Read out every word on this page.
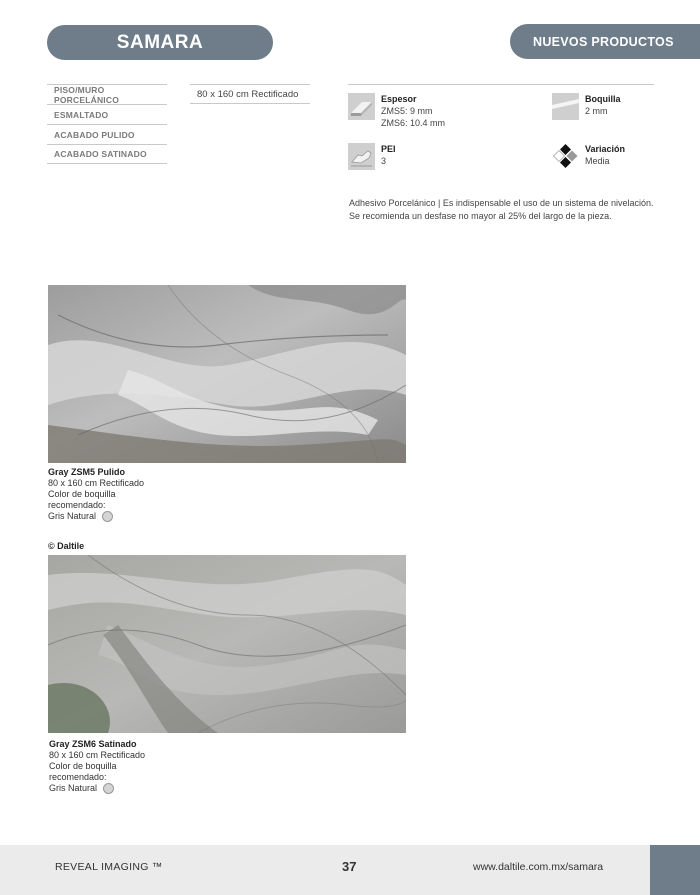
SAMARA	NUEVOS PRODUCTOS
PISO/MURO PORCELÁNICO
ESMALTADO
ACABADO PULIDO
ACABADO SATINADO
80 x 160 cm Rectificado	Espesor
ZMS5: 9 mm
ZMS6: 10.4 mm
Boquilla
2 mm
PEI
3
Variación
Media
Adhesivo Porcelánico | Es indispensable el uso de un sistema de nivelación. Se recomienda un desfase no mayor al 25% del largo de la pieza.
Gray ZSM5 Pulido
80 x 160 cm Rectificado
Color de boquilla
recomendado:
Gris Natural
© Daltile
Gray ZSM6 Satinado
80 x 160 cm Rectificado
Color de boquilla
recomendado:
Gris Natural
REVEAL IMAGING ™	37	www.daltile.com.mx/samara
